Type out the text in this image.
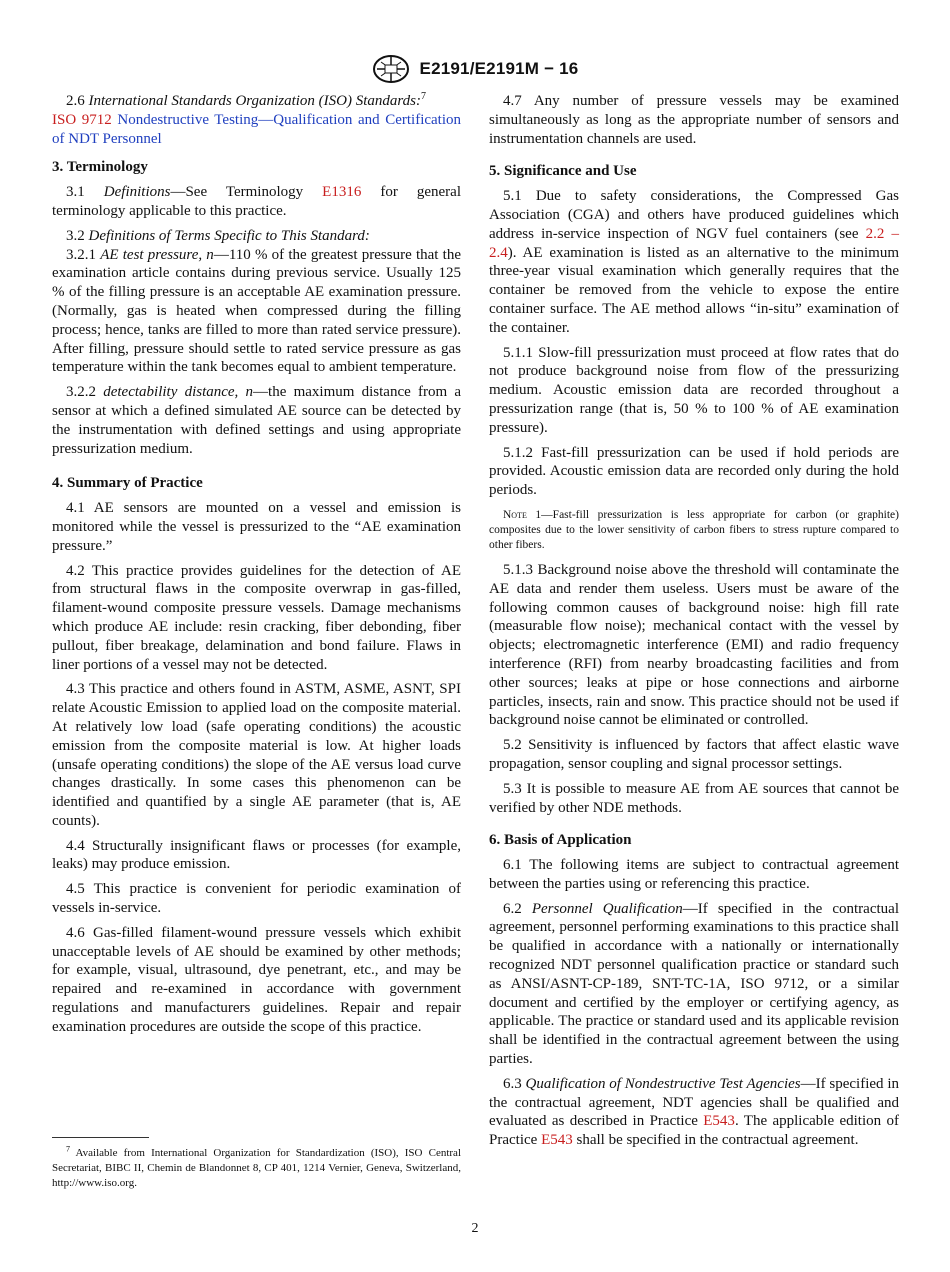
E2191/E2191M − 16

2.6 International Standards Organization (ISO) Standards:$^7$
ISO 9712 Nondestructive Testing—Qualification and Certification of NDT Personnel

3. Terminology

3.1 Definitions—See Terminology E1316 for general terminology applicable to this practice.

3.2 Definitions of Terms Specific to This Standard:

3.2.1 AE test pressure, n—110 % of the greatest pressure that the examination article contains during previous service. Usually 125 % of the filling pressure is an acceptable AE examination pressure. (Normally, gas is heated when compressed during the filling process; hence, tanks are filled to more than rated service pressure). After filling, pressure should settle to rated service pressure as gas temperature within the tank becomes equal to ambient temperature.

3.2.2 detectability distance, n—the maximum distance from a sensor at which a defined simulated AE source can be detected by the instrumentation with defined settings and using appropriate pressurization medium.

4. Summary of Practice

4.1 AE sensors are mounted on a vessel and emission is monitored while the vessel is pressurized to the “AE examination pressure.”

4.2 This practice provides guidelines for the detection of AE from structural flaws in the composite overwrap in gas-filled, filament-wound composite pressure vessels. Damage mechanisms which produce AE include: resin cracking, fiber debonding, fiber pullout, fiber breakage, delamination and bond failure. Flaws in liner portions of a vessel may not be detected.

4.3 This practice and others found in ASTM, ASME, ASNT, SPI relate Acoustic Emission to applied load on the composite material. At relatively low load (safe operating conditions) the acoustic emission from the composite material is low. At higher loads (unsafe operating conditions) the slope of the AE versus load curve changes drastically. In some cases this phenomenon can be identified and quantified by a single AE parameter (that is, AE counts).

4.4 Structurally insignificant flaws or processes (for example, leaks) may produce emission.

4.5 This practice is convenient for periodic examination of vessels in-service.

4.6 Gas-filled filament-wound pressure vessels which exhibit unacceptable levels of AE should be examined by other methods; for example, visual, ultrasound, dye penetrant, etc., and may be repaired and re-examined in accordance with government regulations and manufacturers guidelines. Repair and repair examination procedures are outside the scope of this practice.

$^7$ Available from International Organization for Standardization (ISO), ISO Central Secretariat, BIBC II, Chemin de Blandonnet 8, CP 401, 1214 Vernier, Geneva, Switzerland, http://www.iso.org.

4.7 Any number of pressure vessels may be examined simultaneously as long as the appropriate number of sensors and instrumentation channels are used.

5. Significance and Use

5.1 Due to safety considerations, the Compressed Gas Association (CGA) and others have produced guidelines which address in-service inspection of NGV fuel containers (see 2.2 – 2.4). AE examination is listed as an alternative to the minimum three-year visual examination which generally requires that the container be removed from the vehicle to expose the entire container surface. The AE method allows “in-situ” examination of the container.

5.1.1 Slow-fill pressurization must proceed at flow rates that do not produce background noise from flow of the pressurizing medium. Acoustic emission data are recorded throughout a pressurization range (that is, 50 % to 100 % of AE examination pressure).

5.1.2 Fast-fill pressurization can be used if hold periods are provided. Acoustic emission data are recorded only during the hold periods.

Note 1—Fast-fill pressurization is less appropriate for carbon (or graphite) composites due to the lower sensitivity of carbon fibers to stress rupture compared to other fibers.

5.1.3 Background noise above the threshold will contaminate the AE data and render them useless. Users must be aware of the following common causes of background noise: high fill rate (measurable flow noise); mechanical contact with the vessel by objects; electromagnetic interference (EMI) and radio frequency interference (RFI) from nearby broadcasting facilities and from other sources; leaks at pipe or hose connections and airborne particles, insects, rain and snow. This practice should not be used if background noise cannot be eliminated or controlled.

5.2 Sensitivity is influenced by factors that affect elastic wave propagation, sensor coupling and signal processor settings.

5.3 It is possible to measure AE from AE sources that cannot be verified by other NDE methods.

6. Basis of Application

6.1 The following items are subject to contractual agreement between the parties using or referencing this practice.

6.2 Personnel Qualification—If specified in the contractual agreement, personnel performing examinations to this practice shall be qualified in accordance with a nationally or internationally recognized NDT personnel qualification practice or standard such as ANSI/ASNT-CP-189, SNT-TC-1A, ISO 9712, or a similar document and certified by the employer or certifying agency, as applicable. The practice or standard used and its applicable revision shall be identified in the contractual agreement between the using parties.

6.3 Qualification of Nondestructive Test Agencies—If specified in the contractual agreement, NDT agencies shall be qualified and evaluated as described in Practice E543. The applicable edition of Practice E543 shall be specified in the contractual agreement.

2
